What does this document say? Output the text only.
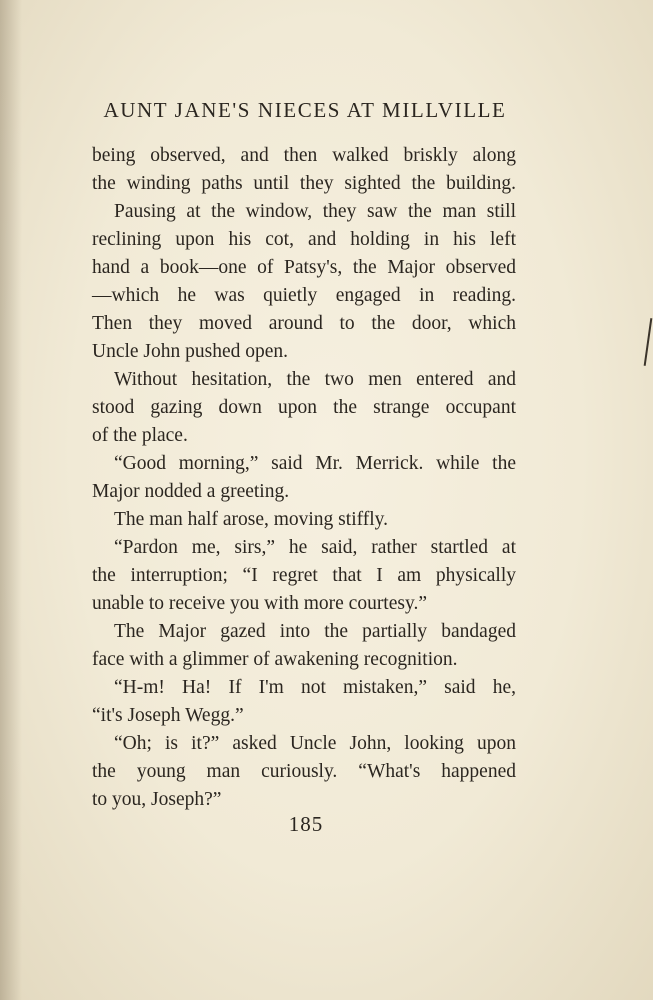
AUNT JANE'S NIECES AT MILLVILLE
being observed, and then walked briskly along
the winding paths until they sighted the building.
Pausing at the window, they saw the man still
reclining upon his cot, and holding in his left
hand a book—one of Patsy's, the Major observed
—which he was quietly engaged in reading.
Then they moved around to the door, which
Uncle John pushed open.
Without hesitation, the two men entered and
stood gazing down upon the strange occupant
of the place.
“Good morning,” said Mr. Merrick. while the
Major nodded a greeting.
The man half arose, moving stiffly.
“Pardon me, sirs,” he said, rather startled at
the interruption; “I regret that I am physically
unable to receive you with more courtesy.”
The Major gazed into the partially bandaged
face with a glimmer of awakening recognition.
“H-m! Ha! If I'm not mistaken,” said he,
“it's Joseph Wegg.”
“Oh; is it?” asked Uncle John, looking upon
the young man curiously. “What's happened
to you, Joseph?”
185
